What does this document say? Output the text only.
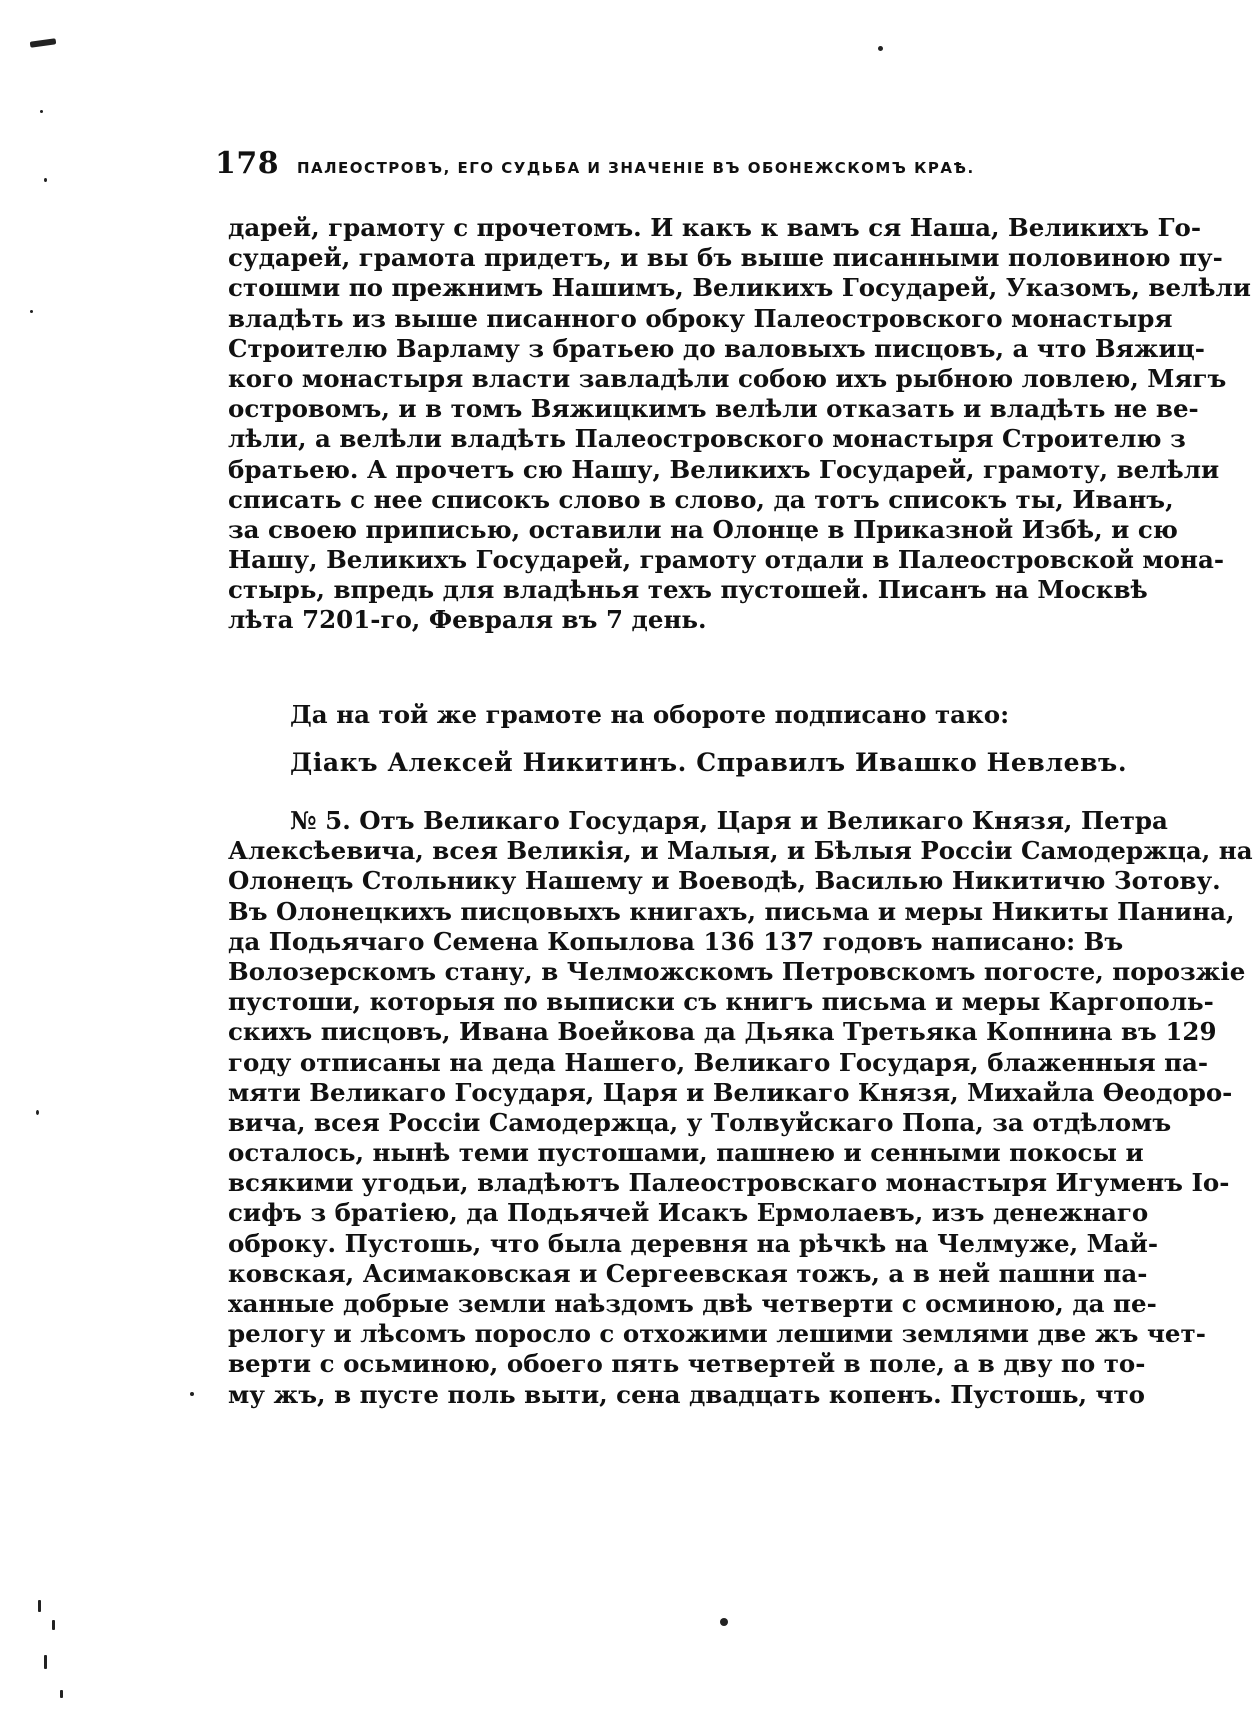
178 ПАЛЕОСТРОВЪ, ЕГО СУДЬБА И ЗНАЧЕНІЕ ВЪ ОБОНЕЖСКОМЪ КРАѢ.
дарей, грамоту с прочетомъ. И какъ к вамъ ся Наша, Великихъ Го-
сударей, грамота придетъ, и вы бъ выше писанными половиною пу-
стошми по прежнимъ Нашимъ, Великихъ Государей, Указомъ, велѣли
владѣть из выше писанного оброку Палеостровского монастыря
Строителю Варламу з братьею до валовыхъ писцовъ, а что Вяжиц-
кого монастыря власти завладѣли собою ихъ рыбною ловлею, Мягъ
островомъ, и в томъ Вяжицкимъ велѣли отказать и владѣть не ве-
лѣли, а велѣли владѣть Палеостровского монастыря Строителю з
братьею. А прочетъ сю Нашу, Великихъ Государей, грамоту, велѣли
списать с нее списокъ слово в слово, да тотъ списокъ ты, Иванъ,
за своею приписью, оставили на Олонце в Приказной Избѣ, и сю
Нашу, Великихъ Государей, грамоту отдали в Палеостровской мона-
стырь, впредь для владѣнья техъ пустошей. Писанъ на Москвѣ
лѣта 7201-го, Февраля въ 7 день.
Да на той же грамоте на обороте подписано тако:
Діакъ Алексей Никитинъ. Справилъ Ивашко Невлевъ.
№ 5. Отъ Великаго Государя, Царя и Великаго Князя, Петра
Алексѣевича, всея Великія, и Малыя, и Бѣлыя Россіи Самодержца, на
Олонецъ Стольнику Нашему и Воеводѣ, Василью Никитичю Зотову.
Въ Олонецкихъ писцовыхъ книгахъ, письма и меры Никиты Панина,
да Подьячаго Семена Копылова 136 137 годовъ написано: Въ
Волозерскомъ стану, в Челможскомъ Петровскомъ погосте, порозжіе
пустоши, которыя по выписки съ книгъ письма и меры Каргополь-
скихъ писцовъ, Ивана Воейкова да Дьяка Третьяка Копнина въ 129
году отписаны на деда Нашего, Великаго Государя, блаженныя па-
мяти Великаго Государя, Царя и Великаго Князя, Михайла Ѳеодоро-
вича, всея Россіи Самодержца, у Толвуйскаго Попа, за отдѣломъ
осталось, нынѣ теми пустошами, пашнею и сенными покосы и
всякими угодьи, владѣютъ Палеостровскаго монастыря Игуменъ Іо-
сифъ з братіею, да Подьячей Исакъ Ермолаевъ, изъ денежнаго
оброку. Пустошь, что была деревня на рѣчкѣ на Челмуже, Май-
ковская, Асимаковская и Сергеевская тожъ, а в ней пашни па-
ханные добрые земли наѣздомъ двѣ четверти с осминою, да пе-
релогу и лѣсомъ поросло с отхожими лешими землями две жъ чет-
верти с осьминою, обоего пять четвертей в поле, а в дву по то-
му жъ, в пусте поль выти, сена двадцать копенъ. Пустошь, что
